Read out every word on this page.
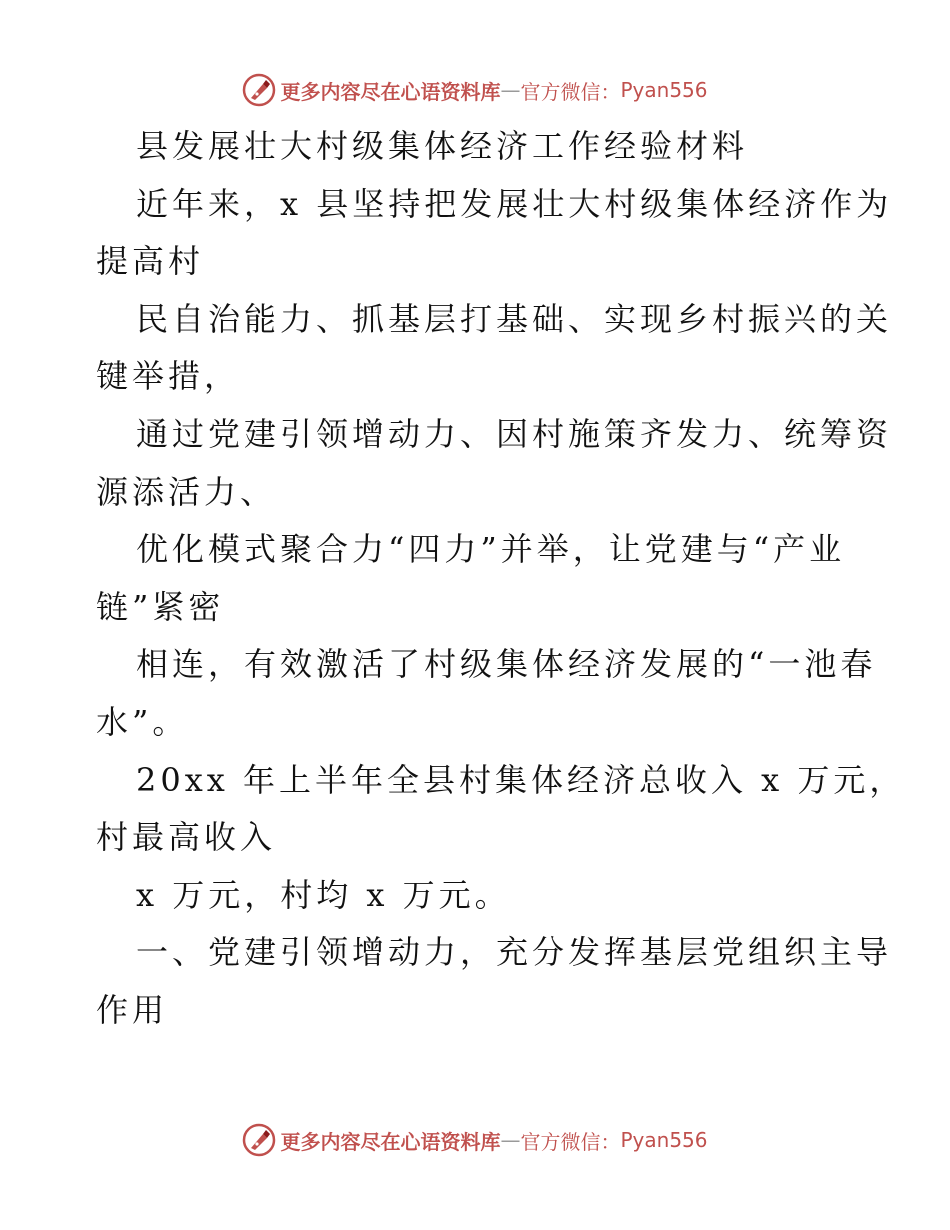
更多内容尽在心语资料库 — 官方微信： Pyan556
县发展壮大村级集体经济工作经验材料
近年来，x 县坚持把发展壮大村级集体经济作为
提高村
民自治能力、抓基层打基础、实现乡村振兴的关
键举措，
通过党建引领增动力、因村施策齐发力、统筹资
源添活力、
优化模式聚合力“四力”并举，让党建与“产业
链”紧密
相连，有效激活了村级集体经济发展的“一池春
水”。
20xx 年上半年全县村集体经济总收入 x 万元，
村最高收入
x 万元，村均 x 万元。
一、党建引领增动力，充分发挥基层党组织主导
作用
更多内容尽在心语资料库 — 官方微信： Pyan556
